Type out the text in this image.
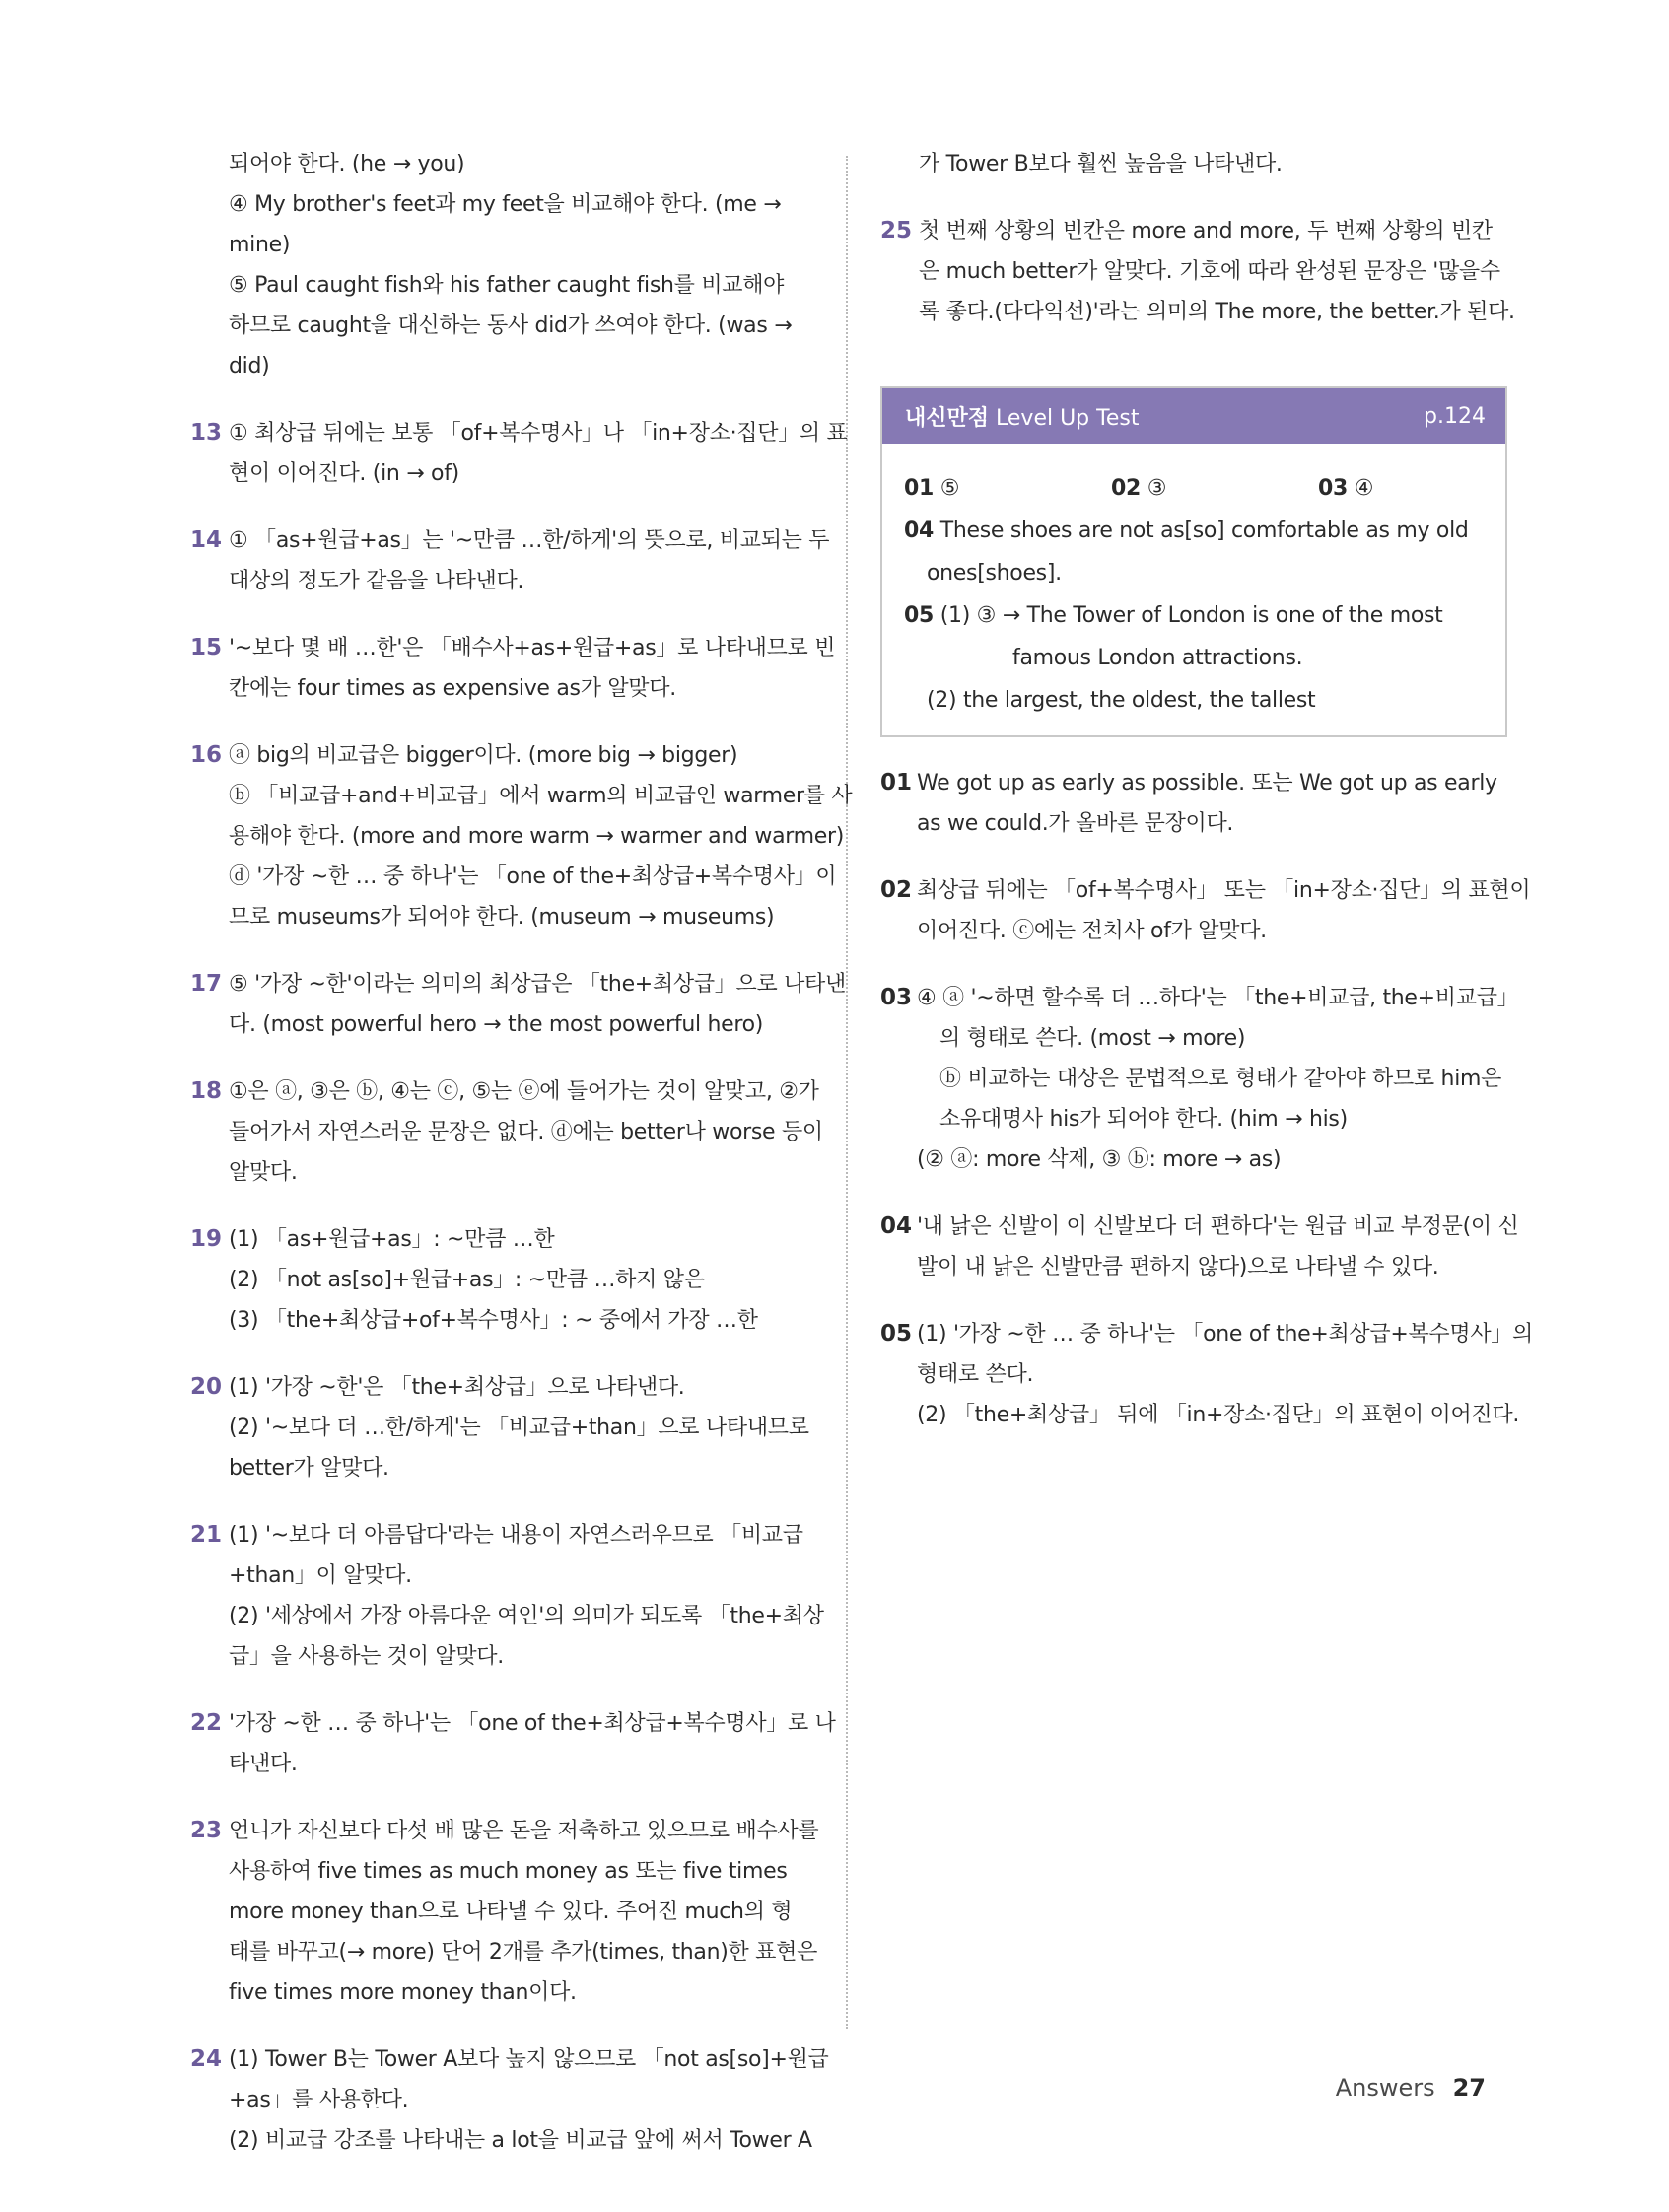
되어야 한다. (he → you)
④ My brother's feet과 my feet을 비교해야 한다. (me →
mine)
⑤ Paul caught fish와 his father caught fish를 비교해야
하므로 caught을 대신하는 동사 did가 쓰여야 한다. (was →
did)
13 ① 최상급 뒤에는 보통 「of+복수명사」나 「in+장소·집단」의 표
현이 이어진다. (in → of)
14 ① 「as+원급+as」는 '~만큼 …한/하게'의 뜻으로, 비교되는 두
대상의 정도가 같음을 나타낸다.
15 '~보다 몇 배 …한'은 「배수사+as+원급+as」로 나타내므로 빈
칸에는 four times as expensive as가 알맞다.
16 ⓐ big의 비교급은 bigger이다. (more big → bigger)
ⓑ 「비교급+and+비교급」에서 warm의 비교급인 warmer를 사
용해야 한다. (more and more warm → warmer and warmer)
ⓓ '가장 ~한 … 중 하나'는 「one of the+최상급+복수명사」이
므로 museums가 되어야 한다. (museum → museums)
17 ⑤ '가장 ~한'이라는 의미의 최상급은 「the+최상급」으로 나타낸
다. (most powerful hero → the most powerful hero)
18 ①은 ⓐ, ③은 ⓑ, ④는 ⓒ, ⑤는 ⓔ에 들어가는 것이 알맞고, ②가
들어가서 자연스러운 문장은 없다. ⓓ에는 better나 worse 등이
알맞다.
19 (1) 「as+원급+as」: ~만큼 …한
(2) 「not as[so]+원급+as」: ~만큼 …하지 않은
(3) 「the+최상급+of+복수명사」: ~ 중에서 가장 …한
20 (1) '가장 ~한'은 「the+최상급」으로 나타낸다.
(2) '~보다 더 …한/하게'는 「비교급+than」으로 나타내므로
better가 알맞다.
21 (1) '~보다 더 아름답다'라는 내용이 자연스러우므로 「비교급
+than」이 알맞다.
(2) '세상에서 가장 아름다운 여인'의 의미가 되도록 「the+최상
급」을 사용하는 것이 알맞다.
22 '가장 ~한 … 중 하나'는 「one of the+최상급+복수명사」로 나
타낸다.
23 언니가 자신보다 다섯 배 많은 돈을 저축하고 있으므로 배수사를
사용하여 five times as much money as 또는 five times
more money than으로 나타낼 수 있다. 주어진 much의 형
태를 바꾸고(→ more) 단어 2개를 추가(times, than)한 표현은
five times more money than이다.
24 (1) Tower B는 Tower A보다 높지 않으므로 「not as[so]+원급
+as」를 사용한다.
(2) 비교급 강조를 나타내는 a lot을 비교급 앞에 써서 Tower A
가 Tower B보다 훨씬 높음을 나타낸다.
25 첫 번째 상황의 빈칸은 more and more, 두 번째 상황의 빈칸
은 much better가 알맞다. 기호에 따라 완성된 문장은 '많을수
록 좋다.(다다익선)'라는 의미의 The more, the better.가 된다.
내신만점 Level Up Test	p.124
01 ⑤	02 ③	03 ④
04 These shoes are not as[so] comfortable as my old
ones[shoes].
05 (1) ③ → The Tower of London is one of the most
famous London attractions.
(2) the largest, the oldest, the tallest
01 We got up as early as possible. 또는 We got up as early
as we could.가 올바른 문장이다.
02 최상급 뒤에는 「of+복수명사」 또는 「in+장소·집단」의 표현이
이어진다. ⓒ에는 전치사 of가 알맞다.
03 ④ ⓐ '~하면 할수록 더 …하다'는 「the+비교급, the+비교급」
의 형태로 쓴다. (most → more)
ⓑ 비교하는 대상은 문법적으로 형태가 같아야 하므로 him은
소유대명사 his가 되어야 한다. (him → his)
(② ⓐ: more 삭제, ③ ⓑ: more → as)
04 '내 낡은 신발이 이 신발보다 더 편하다'는 원급 비교 부정문(이 신
발이 내 낡은 신발만큼 편하지 않다)으로 나타낼 수 있다.
05 (1) '가장 ~한 … 중 하나'는 「one of the+최상급+복수명사」의
형태로 쓴다.
(2) 「the+최상급」 뒤에 「in+장소·집단」의 표현이 이어진다.
Answers 27
